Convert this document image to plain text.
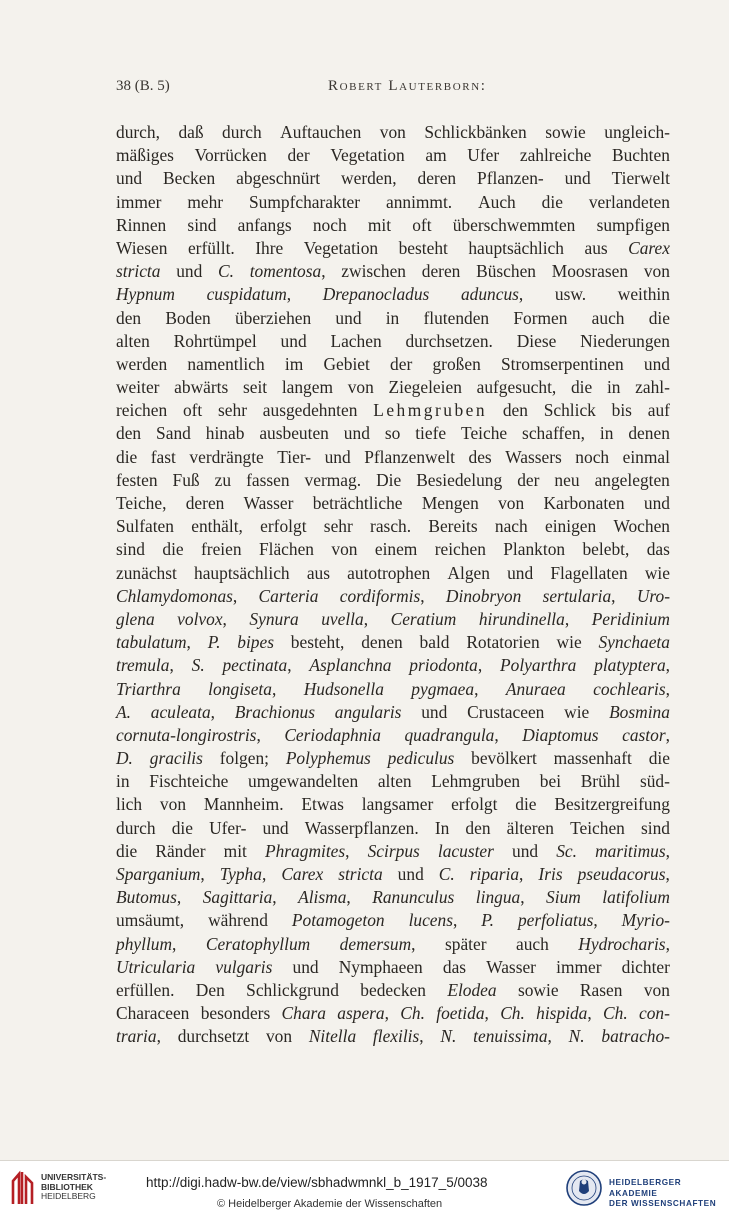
38 (B. 5)	Robert Lauterborn:
durch, daß durch Auftauchen von Schlickbänken sowie ungleich-
mäßiges Vorrücken der Vegetation am Ufer zahlreiche Buchten
und Becken abgeschnürt werden, deren Pflanzen- und Tierwelt
immer mehr Sumpfcharakter annimmt. Auch die verlandeten
Rinnen sind anfangs noch mit oft überschwemmten sumpfigen
Wiesen erfüllt. Ihre Vegetation besteht hauptsächlich aus Carex
stricta und C. tomentosa, zwischen deren Büschen Moosrasen von
Hypnum cuspidatum, Drepanocladus aduncus, usw. weithin
den Boden überziehen und in flutenden Formen auch die
alten Rohrtümpel und Lachen durchsetzen. Diese Niederungen
werden namentlich im Gebiet der großen Stromserpentinen und
weiter abwärts seit langem von Ziegeleien aufgesucht, die in zahl-
reichen oft sehr ausgedehnten Lehmgruben den Schlick bis auf
den Sand hinab ausbeuten und so tiefe Teiche schaffen, in denen
die fast verdrängte Tier- und Pflanzenwelt des Wassers noch einmal
festen Fuß zu fassen vermag. Die Besiedelung der neu angelegten
Teiche, deren Wasser beträchtliche Mengen von Karbonaten und
Sulfaten enthält, erfolgt sehr rasch. Bereits nach einigen Wochen
sind die freien Flächen von einem reichen Plankton belebt, das
zunächst hauptsächlich aus autotrophen Algen und Flagellaten wie
Chlamydomonas, Carteria cordiformis, Dinobryon sertularia, Uro-
glena volvox, Synura uvella, Ceratium hirundinella, Peridinium
tabulatum, P. bipes besteht, denen bald Rotatorien wie Synchaeta
tremula, S. pectinata, Asplanchna priodonta, Polyarthra platyptera,
Triarthra longiseta, Hudsonella pygmaea, Anuraea cochlearis,
A. aculeata, Brachionus angularis und Crustaceen wie Bosmina
cornuta-longirostris, Ceriodaphnia quadrangula, Diaptomus castor,
D. gracilis folgen; Polyphemus pediculus bevölkert massenhaft die
in Fischteiche umgewandelten alten Lehmgruben bei Brühl süd-
lich von Mannheim. Etwas langsamer erfolgt die Besitzergreifung
durch die Ufer- und Wasserpflanzen. In den älteren Teichen sind
die Ränder mit Phragmites, Scirpus lacuster und Sc. maritimus,
Sparganium, Typha, Carex stricta und C. riparia, Iris pseudacorus,
Butomus, Sagittaria, Alisma, Ranunculus lingua, Sium latifolium
umsäumt, während Potamogeton lucens, P. perfoliatus, Myrio-
phyllum, Ceratophyllum demersum, später auch Hydrocharis,
Utricularia vulgaris und Nymphaeen das Wasser immer dichter
erfüllen. Den Schlickgrund bedecken Elodea sowie Rasen von
Characeen besonders Chara aspera, Ch. foetida, Ch. hispida, Ch. con-
traria, durchsetzt von Nitella flexilis, N. tenuissima, N. batracho-
UNIVERSITÄTS-
BIBLIOTHEK
HEIDELBERG
http://digi.hadw-bw.de/view/sbhadwmnkl_b_1917_5/0038
© Heidelberger Akademie der Wissenschaften
HEIDELBERGER AKADEMIE
DER WISSENSCHAFTEN
